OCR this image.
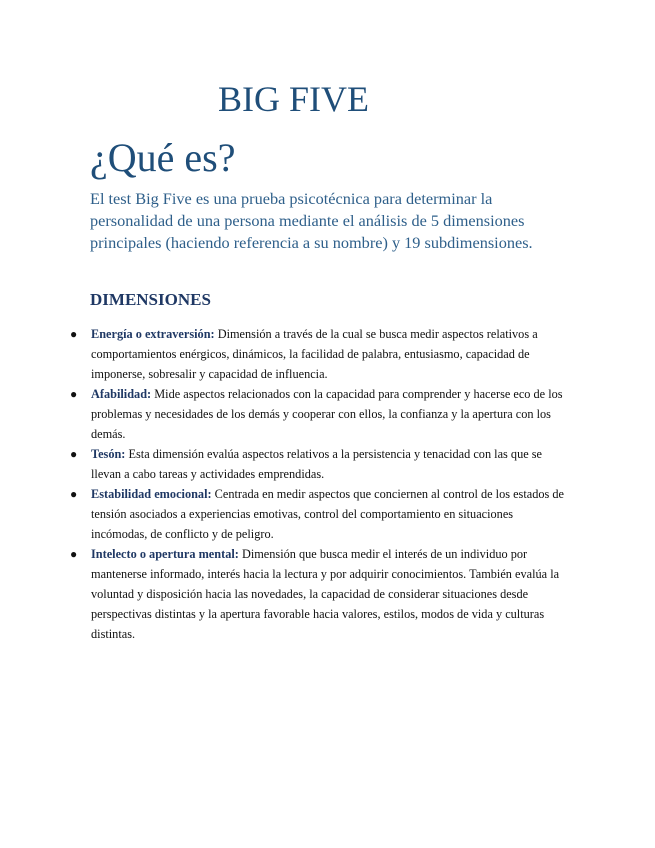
BIG FIVE
¿Qué es?

El test Big Five es una prueba psicotécnica para determinar la personalidad de una persona mediante el análisis de 5 dimensiones principales (haciendo referencia a su nombre) y 19 subdimensiones.

DIMENSIONES
● Energía o extraversión: Dimensión a través de la cual se busca medir aspectos relativos a comportamientos enérgicos, dinámicos, la facilidad de palabra, entusiasmo, capacidad de imponerse, sobresalir y capacidad de influencia.
● Afabilidad: Mide aspectos relacionados con la capacidad para comprender y hacerse eco de los problemas y necesidades de los demás y cooperar con ellos, la confianza y la apertura con los demás.
● Tesón: Esta dimensión evalúa aspectos relativos a la persistencia y tenacidad con las que se llevan a cabo tareas y actividades emprendidas.
● Estabilidad emocional: Centrada en medir aspectos que conciernen al control de los estados de tensión asociados a experiencias emotivas, control del comportamiento en situaciones incómodas, de conflicto y de peligro.
● Intelecto o apertura mental: Dimensión que busca medir el interés de un individuo por mantenerse informado, interés hacia la lectura y por adquirir conocimientos. También evalúa la voluntad y disposición hacia las novedades, la capacidad de considerar situaciones desde perspectivas distintas y la apertura favorable hacia valores, estilos, modos de vida y culturas distintas.
